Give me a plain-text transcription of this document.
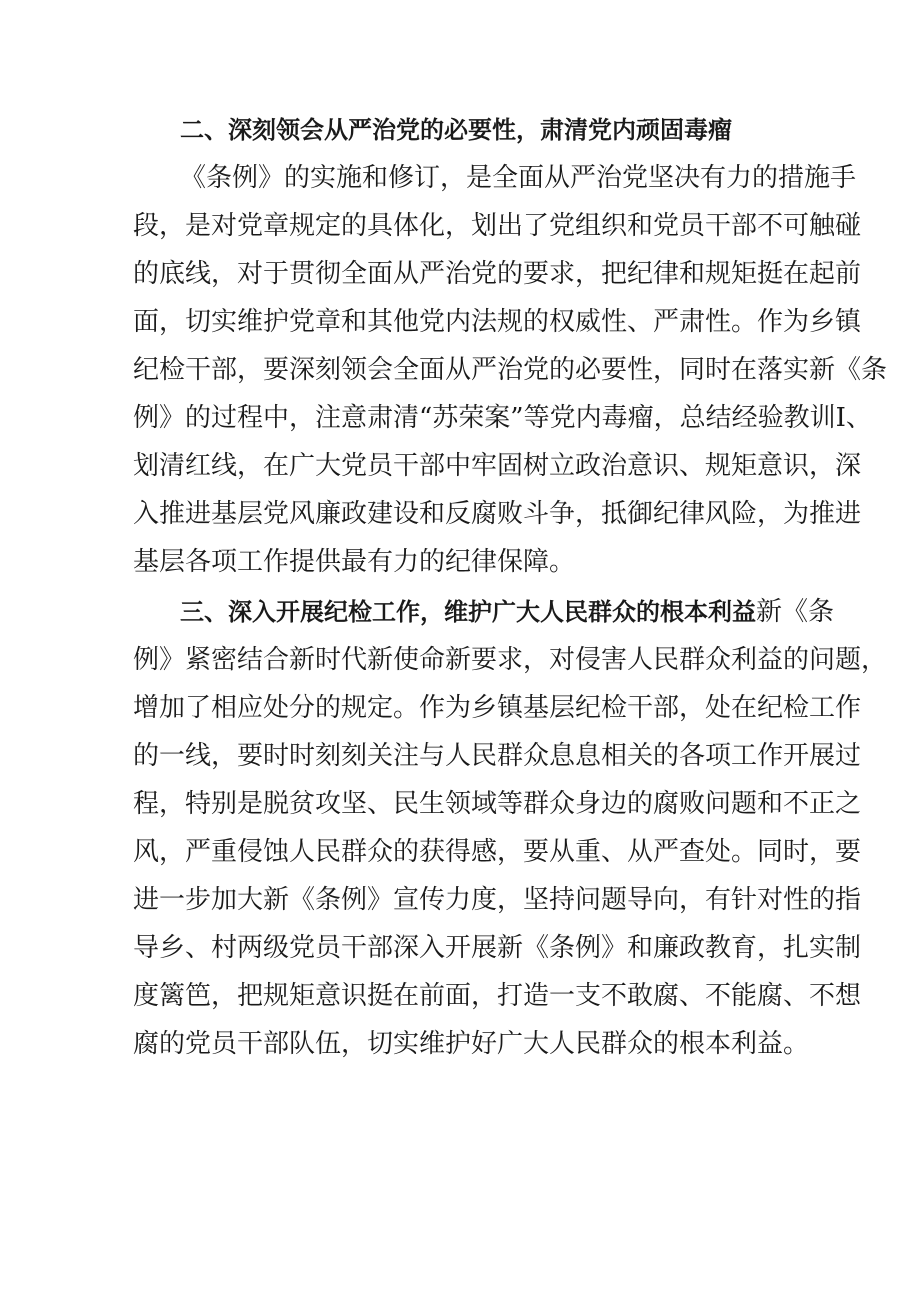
二、深刻领会从严治党的必要性，肃清党内顽固毒瘤
《条例》的实施和修订，是全面从严治党坚决有力的措施手
段，是对党章规定的具体化，划出了党组织和党员干部不可触碰
的底线，对于贯彻全面从严治党的要求，把纪律和规矩挺在起前
面，切实维护党章和其他党内法规的权威性、严肃性。作为乡镇
纪检干部，要深刻领会全面从严治党的必要性，同时在落实新《条
例》的过程中，注意肃清“苏荣案”等党内毒瘤，总结经验教训I、
划清红线，在广大党员干部中牢固树立政治意识、规矩意识，深
入推进基层党风廉政建设和反腐败斗争，抵御纪律风险，为推进
基层各项工作提供最有力的纪律保障。
三、深入开展纪检工作，维护广大人民群众的根本利益新《条
例》紧密结合新时代新使命新要求，对侵害人民群众利益的问题，
增加了相应处分的规定。作为乡镇基层纪检干部，处在纪检工作
的一线，要时时刻刻关注与人民群众息息相关的各项工作开展过
程，特别是脱贫攻坚、民生领域等群众身边的腐败问题和不正之
风，严重侵蚀人民群众的获得感，要从重、从严查处。同时，要
进一步加大新《条例》宣传力度，坚持问题导向，有针对性的指
导乡、村两级党员干部深入开展新《条例》和廉政教育，扎实制
度篱笆，把规矩意识挺在前面，打造一支不敢腐、不能腐、不想
腐的党员干部队伍，切实维护好广大人民群众的根本利益。
